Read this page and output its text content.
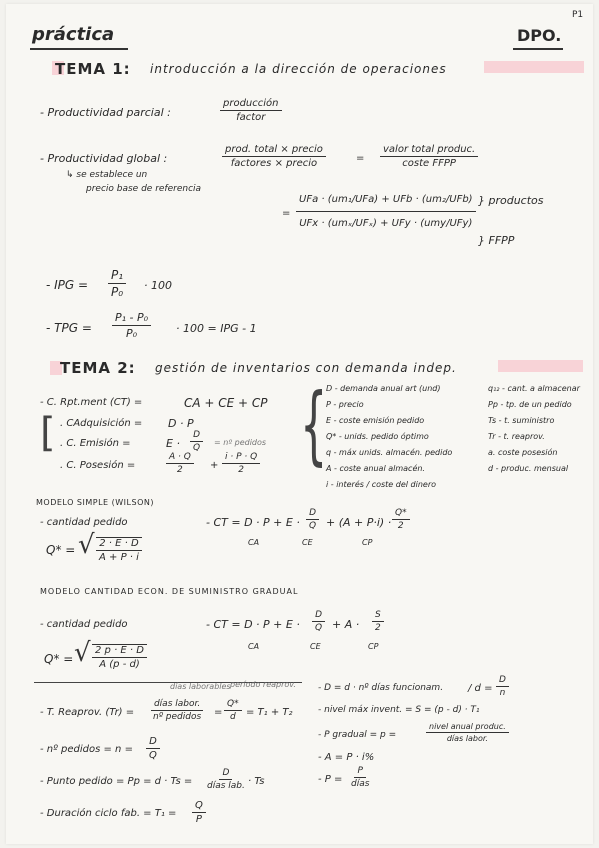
P1
práctica	DPO.
TEMA 1: introducción a la dirección de operaciones
- Productividad parcial :
producción
factor
- Productividad global :
prod. total × precio
factores × precio	=
valor total produc.
coste FFPP
↳ se establece un
precio base de referencia
=
UFa · (um₁/UFa) + UFb · (um₂/UFb)
UFx · (umₓ/UFₓ) + UFy · (umy/UFy)
} productos
} FFPP
- IPG = $\frac{\text{P₁}}{\text{P₀}} \cdot 100$
- TPG = $\frac{\text{P₁ - P₀}}{\text{P₀}} \cdot 100$ = IPG - 1
TEMA 2: gestión de inventarios con demanda indep.
- C. Rpt.ment (CT) =	CA + CE + CP
[ . CAdquisición = D · P
. C. Emisión =	$E \cdot \frac{D}{Q}$ = nº pedidos
. C. Posesión =	$\frac{A \cdot Q}{2} + \frac{i \cdot P \cdot Q}{2}$ {
D - demanda anual art (und)
P - precio
E - coste emisión pedido
Q* - unids. pedido óptimo
q - máx unids. almacén. pedido
A - coste anual almacén.
i - interés / coste del dinero
q₁₂ - cant. a almacenar
Pp - tp. de un pedido
Ts - t. suministro
Tr - t. reaprov.
a. coste posesión
d - produc. mensual
MODELO SIMPLE (WILSON)
- cantidad pedido
Q* = √ $\frac{2 \cdot E \cdot D}{A + P \cdot i}$
- CT = $D \cdot P + E \cdot \frac{D}{Q} + (A + P\cdot i) \cdot \frac{Q*}{2}$
CA	CE	CP
MODELO CANTIDAD ECON. DE SUMINISTRO GRADUAL
- cantidad pedido
Q* = √ $\frac{2 p \cdot E \cdot D}{A (p - d)}$
- CT = $D \cdot P + E \cdot \frac{D}{Q} + A \cdot \frac{S}{2}$
CA	CE	CP
días laborables período reaprov.
- T. Reaprov. (Tr) =
días labor.
nº pedidos	= $\frac{Q*}{d} = T_1 + T_2$
- nº pedidos = $n = \frac{D}{Q}$
- Punto pedido = Pp = d · Ts =
D
días lab. · Ts
- Duración ciclo fab. = $T_1 = \frac{Q}{P}$
- D = d · nº días funcionam. / $d = \frac{D}{n}$
- nivel máx invent. = S = (p - d) · T₁
- P gradual = p =
nivel anual produc.
días labor.
- A = P · i%
- P =
P
días
